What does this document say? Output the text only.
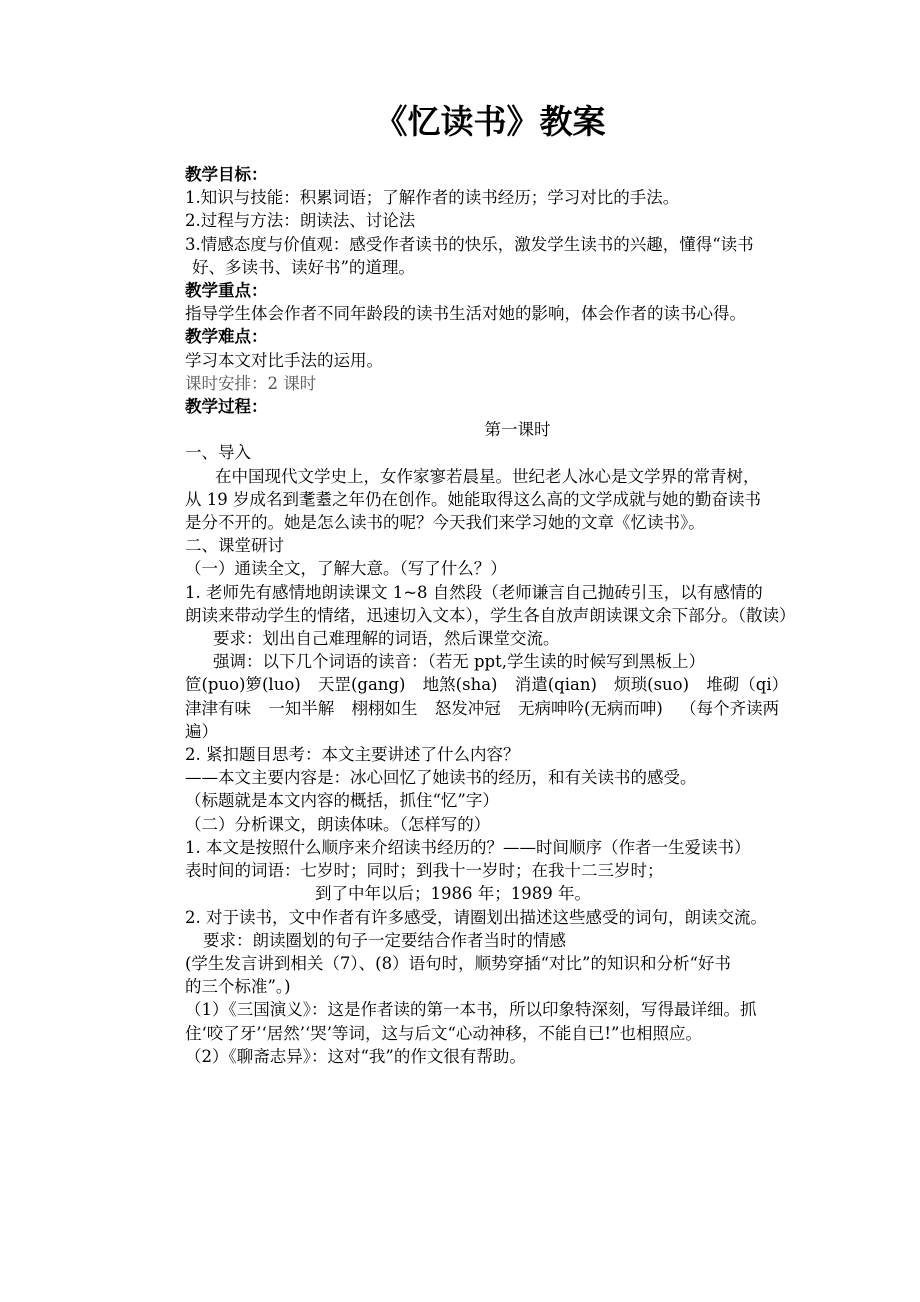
《忆读书》教案
教学目标：
1.知识与技能：积累词语；了解作者的读书经历；学习对比的手法。
2.过程与方法：朗读法、讨论法
3.情感态度与价值观：感受作者读书的快乐，激发学生读书的兴趣，懂得“读书
好、多读书、读好书”的道理。
教学重点：
指导学生体会作者不同年龄段的读书生活对她的影响，体会作者的读书心得。
教学难点：
学习本文对比手法的运用。
课时安排：2 课时
教学过程：
第一课时
一、导入
在中国现代文学史上，女作家寥若晨星。世纪老人冰心是文学界的常青树，
从 19 岁成名到耄耋之年仍在创作。她能取得这么高的文学成就与她的勤奋读书
是分不开的。她是怎么读书的呢？今天我们来学习她的文章《忆读书》。
二、课堂研讨
（一）通读全文，了解大意。（写了什么？）
1. 老师先有感情地朗读课文 1~8 自然段（老师谦言自己抛砖引玉，以有感情的
朗读来带动学生的情绪，迅速切入文本），学生各自放声朗读课文余下部分。（散读）
要求：划出自己难理解的词语，然后课堂交流。
强调：以下几个词语的读音：（若无 ppt,学生读的时候写到黑板上）
笸(puo)箩(luo) 天罡(gang) 地煞(sha) 消遣(qian) 烦琐(suo) 堆砌（qi）
津津有味 一知半解 栩栩如生 怒发冲冠 无病呻吟(无病而呻) （每个齐读两
遍）
2. 紧扣题目思考：本文主要讲述了什么内容？
——本文主要内容是：冰心回忆了她读书的经历，和有关读书的感受。
（标题就是本文内容的概括，抓住“忆”字）
（二）分析课文，朗读体味。（怎样写的）
1. 本文是按照什么顺序来介绍读书经历的？——时间顺序（作者一生爱读书）
表时间的词语：七岁时；同时；到我十一岁时；在我十二三岁时；
到了中年以后；1986 年；1989 年。
2. 对于读书，文中作者有许多感受，请圈划出描述这些感受的词句，朗读交流。
要求：朗读圈划的句子一定要结合作者当时的情感
(学生发言讲到相关（7）、(8）语句时，顺势穿插“对比”的知识和分析“好书
的三个标准”。)
（1）《三国演义》：这是作者读的第一本书，所以印象特深刻，写得最详细。抓
住‘咬了牙’‘居然’‘哭’等词，这与后文“心动神移，不能自已!”也相照应。
（2）《聊斋志异》：这对“我”的作文很有帮助。
